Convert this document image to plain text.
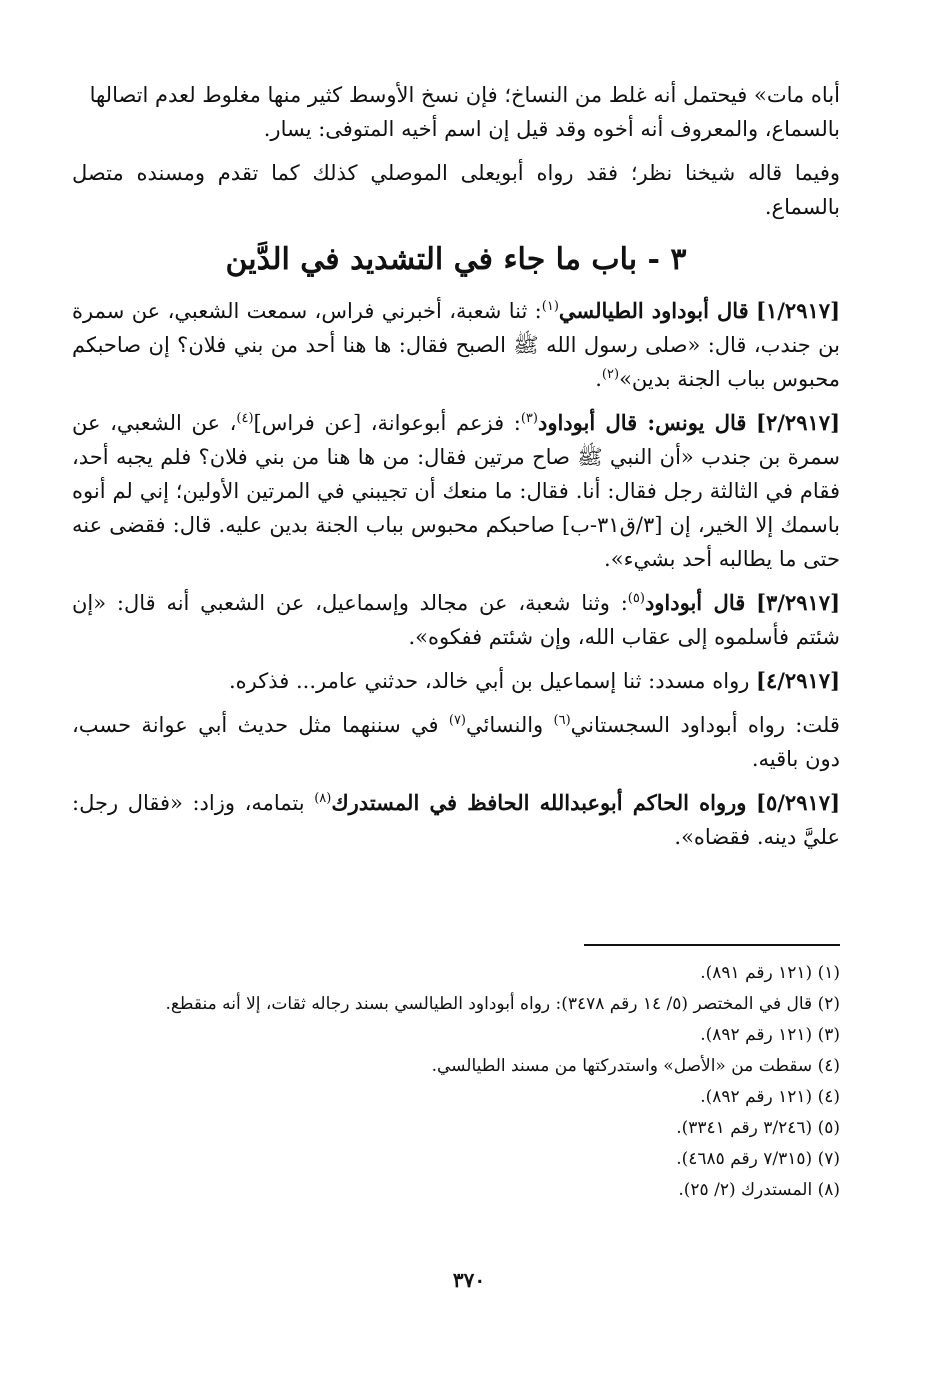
أباه مات» فيحتمل أنه غلط من النساخ؛ فإن نسخ الأوسط كثير منها مغلوط لعدم اتصالها
بالسماع، والمعروف أنه أخوه وقد قيل إن اسم أخيه المتوفى: يسار.

وفيما قاله شيخنا نظر؛ فقد رواه أبويعلى الموصلي كذلك كما تقدم ومسنده متصل بالسماع.

٣ - باب ما جاء في التشديد في الدَّين

[١/٢٩١٧] قال أبوداود الطيالسي$^{(١)}$: ثنا شعبة، أخبرني فراس، سمعت الشعبي، عن سمرة بن جندب، قال: «صلى رسول الله ﷺ الصبح فقال: ها هنا أحد من بني فلان؟ إن صاحبكم محبوس بباب الجنة بدين»$^{(٢)}$.

[٢/٢٩١٧] قال يونس: قال أبوداود$^{(٣)}$: فزعم أبوعوانة، [عن فراس]$^{(٤)}$، عن الشعبي، عن سمرة بن جندب «أن النبي ﷺ صاح مرتين فقال: من ها هنا من بني فلان؟ فلم يجبه أحد، فقام في الثالثة رجل فقال: أنا. فقال: ما منعك أن تجيبني في المرتين الأولين؛ إني لم أنوه باسمك إلا الخير، إن [٣/ق٣١-ب] صاحبكم محبوس بباب الجنة بدين عليه. قال: فقضى عنه حتى ما يطالبه أحد بشيء».

[٣/٢٩١٧] قال أبوداود$^{(٥)}$: وثنا شعبة، عن مجالد وإسماعيل، عن الشعبي أنه قال: «إن شئتم فأسلموه إلى عقاب الله، وإن شئتم ففكوه».

[٤/٢٩١٧] رواه مسدد: ثنا إسماعيل بن أبي خالد، حدثني عامر... فذكره.

قلت: رواه أبوداود السجستاني$^{(٦)}$ والنسائي$^{(٧)}$ في سننهما مثل حديث أبي عوانة حسب، دون باقيه.

[٥/٢٩١٧] ورواه الحاكم أبوعبدالله الحافظ في المستدرك$^{(٨)}$ بتمامه، وزاد: «فقال رجل: عليَّ دينه. فقضاه».

(١) (١٢١ رقم ٨٩١).

(٢) قال في المختصر (٥/ ١٤ رقم ٣٤٧٨): رواه أبوداود الطيالسي بسند رجاله ثقات، إلا أنه منقطع.

(٣) (١٢١ رقم ٨٩٢).

(٤) سقطت من «الأصل» واستدركتها من مسند الطيالسي.

(٤) (١٢١ رقم ٨٩٢).

(٥) (٣/٢٤٦ رقم ٣٣٤١).

(٧) (٧/٣١٥ رقم ٤٦٨٥).

(٨) المستدرك (٢/ ٢٥).

٣٧٠
